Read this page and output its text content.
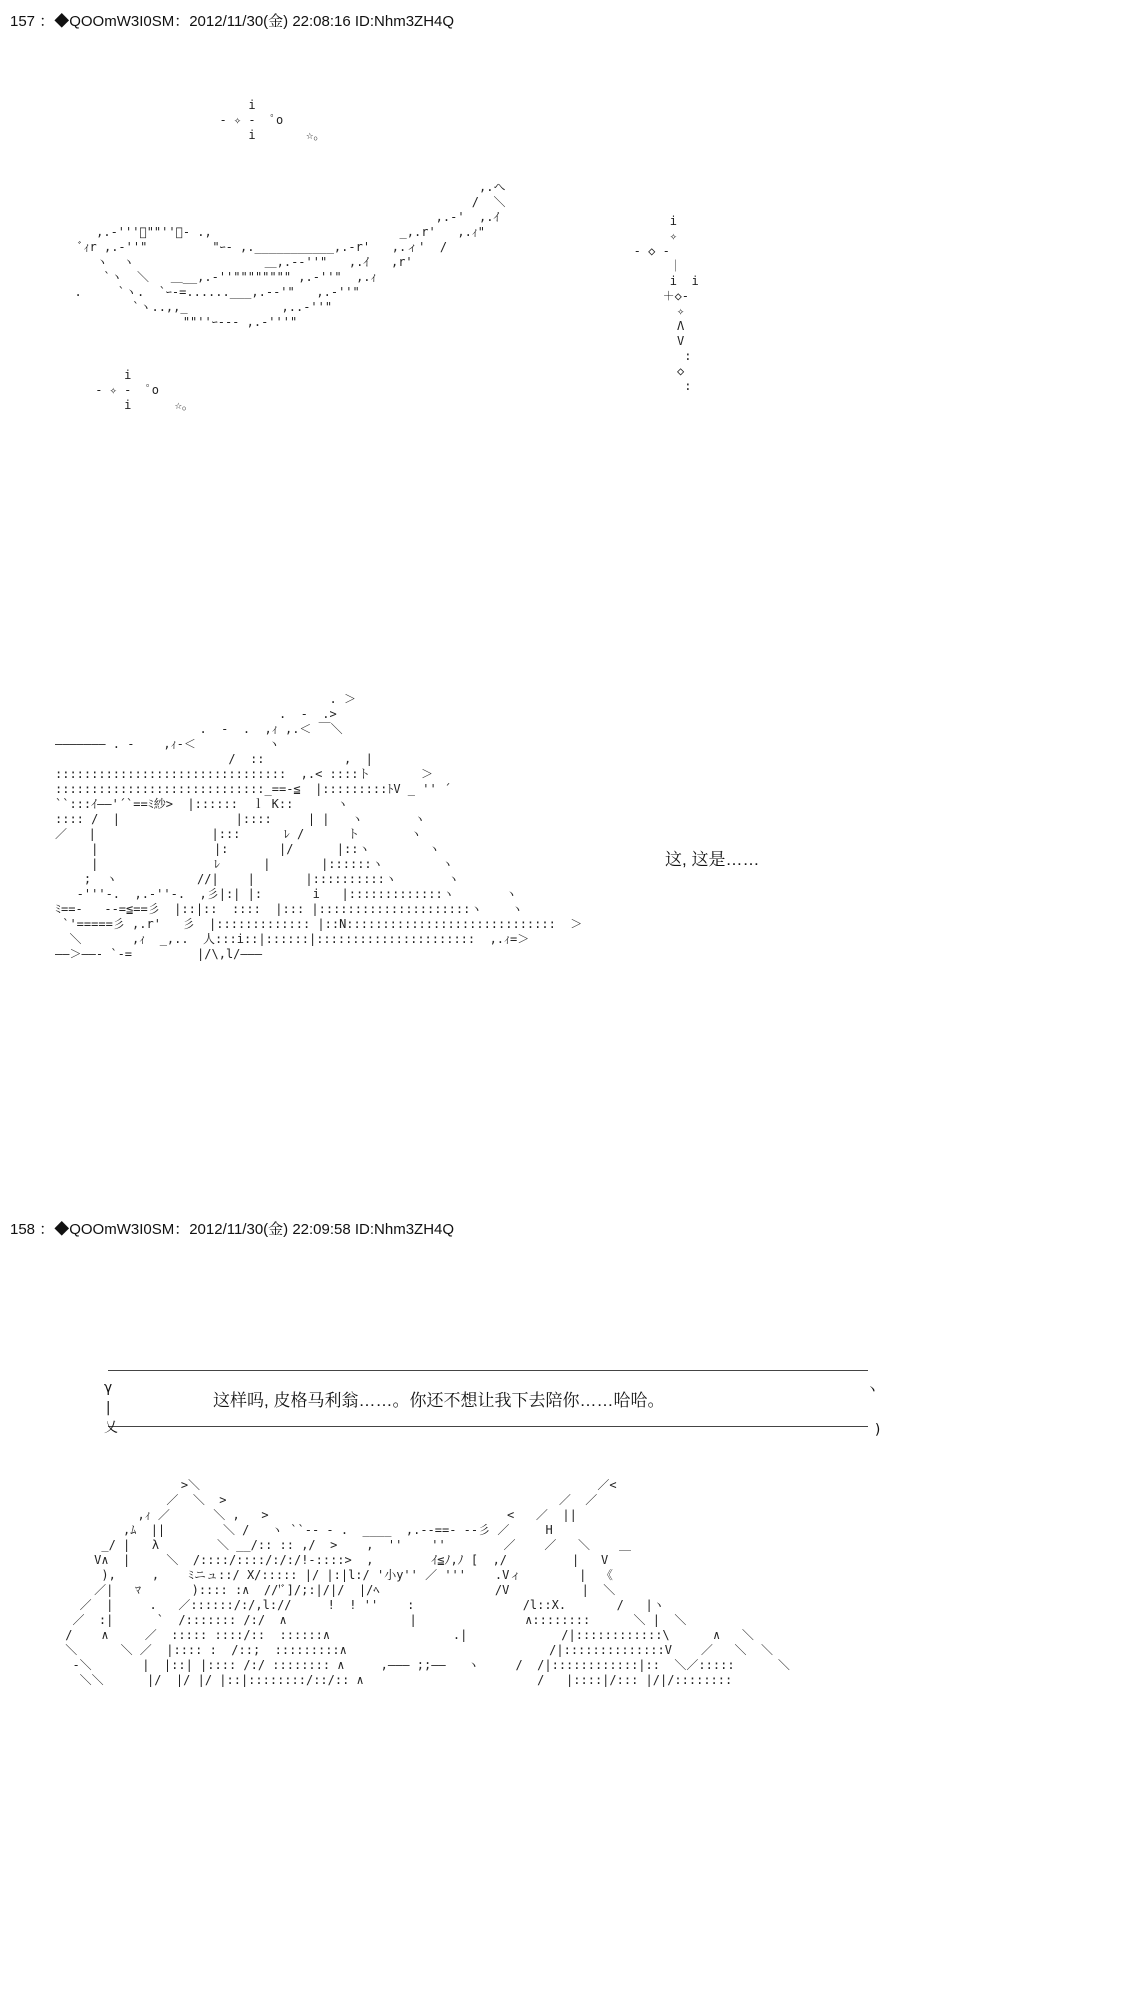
157 ：◆QOOmW3I0SM：2012/11/30(金) 22:08:16 ID:Nhm3ZH4Q
i
- ✧ -  ﾟo
i       ☆。
,.へ
/  ＼
,.-'  ,.ｲ
,.-'''ﾞ""''ｰ- .,                          _,.r'   ,.ｨ"
ﾞｨr ,.-''"         "ｰ- ,.___________,.-r'   ,.ィ'  /
ヽ  ヽ                  ＿,.-‐''"   ,.ｲ   ,r'
`ヽ  ＼   ＿__,.-''"""""""" ,.-''"  ,.ｨ
.     `ヽ.  `ｰ-=......___,.--'"   ,.-''"
`ヽ..,,_             ,..-''"
""''ｰ--- ,.-'''"
i
- ✧ -  ﾟo
i      ☆。
i
✧
‐ ◇ ‐
｜
i  i
＋◇‐
✧
Λ
V
:
◇
:
. ＞
.  -  .>
.  -  .  ,ｨ ,.＜ ￣＼
——————— . -    ,ｨ-＜          ヽ
/  ::           ,  |
::::::::::::::::::::::::::::::::  ,.< ::::ト       ＞
:::::::::::::::::::::::::::::_==-≦  |:::::::::ﾄV _ '' ´
``:::ｲ——'´`==ﾐ紗>  |::::::  ｌ K::      ヽ
:::: /  |                |::::     | |   ヽ       ヽ
／   |                |:::      ﾚ /      ト       ヽ
|                |:       |/      |::ヽ        ヽ
|                ﾚ      |       |::::::ヽ        ヽ
;  ヽ           //|    |       |::::::::::ヽ       ヽ
-'''-.  ,.-''-.  ,彡|:| |:       i   |:::::::::::::ヽ       ヽ
ﾐ==-   --=≦==彡  |::|::  ::::  |::: |:::::::::::::::::::::ヽ    ヽ
`'=====彡 ,.r'   彡  |::::::::::::: |::N:::::::::::::::::::::::::::::  ＞
＼       ,ｨ  _,..  人:::i::|::::::|::::::::::::::::::::::  ,.ｨ=＞
——＞——- `-=         |/\,l/———
这, 这是……
158 ：◆QOOmW3I0SM：2012/11/30(金) 22:09:58 ID:Nhm3ZH4Q
γ
|
乂
ヽ

)
这样吗, 皮格马利翁……。你还不想让我下去陪你……哈哈。
>＼                                                       ／<
／  ＼  >                                              ／  ／
,ｨ ／      ＼ ,   >                                 <   ／  ||
,ﾑ  ||        ＼ /   ヽ ``-- - .  ____  ,.--==- -‐彡 ／     H
_/ |   λ        ＼ __/:: :: ,/  >    ,  ''    ''        ／    ／   ＼    ＿
V∧  |     ＼  /::::/::::/:/:/!-::::>  ,        ｲ≦ﾉ,ﾉ [  ,/         |   V
),     ,    ﾐニュ::/ X/::::: |/ |:|l:/ '小y'' ／ '''    .Vィ        |  《
／|   ﾏ       ):::: :∧  //'ﾞ]/;:|/|/  |/ﾍ                /V          |  ＼
／  |     .   ／::::::/:/,l://     !  ! ''    :               /l::X.       /   |ヽ
／  :|      `  /::::::: /:/  ∧                 |               ∧::::::::      ＼ |  ＼
/    ∧     ／  ::::: ::::/::  ::::::∧                 .|             /|::::::::::::\      ∧   ＼
＼      ＼ ／  |:::: :  /::;  :::::::::∧                            /|::::::::::::::V    ／   ＼  ＼
-＼       |  |::| |:::: /:/ :::::::: ∧     ,——— ;;——   ヽ     /  /|::::::::::::|::  ＼／:::::      ＼
＼＼      |/  |/ |/ |::|::::::::/::/:: ∧                        /   |::::|/::: |/|/::::::::
